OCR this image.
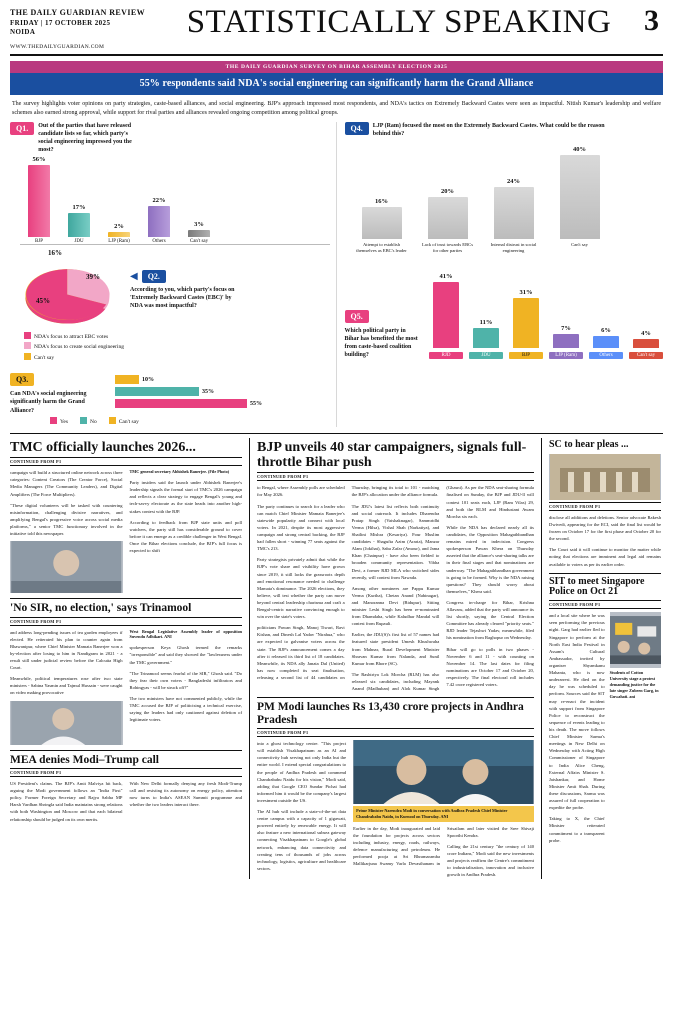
THE DAILY GUARDIAN REVIEW
FRIDAY | 17 OCTOBER 2025
NOIDA
WWW.THEDAILYGUARDIAN.COM
STATISTICALLY SPEAKING	3
THE DAILY GUARDIAN SURVEY ON BIHAR ASSEMBLY ELECTION 2025
55% respondents said NDA's social engineering can significantly harm the Grand Alliance
The survey highlights voter opinions on party strategies, caste-based alliances, and social engineering. BJP's approach impressed most respondents, and NDA's tactics on Extremely Backward Castes were seen as impactful. Nitish Kumar's leadership and welfare schemes also earned strong approval, while support for rival parties and alliances revealed ongoing competition among political groups.
Q1.	Out of the parties that have released candidate lists so far, which party's social engineering impressed you the most?
56%
BJP
17%
JDU
2%
LJP (Ram)
22%
Others
3%
Can't say
16%
39%
45%
◀	Q2.
According to you, which party's focus on 'Extremely Backward Castes (EBC)' by NDA was most impactful?
NDA's focus to attract EBC votes
NDA's focus to create social engineering
Can't say
Q3.
Can NDA's social engineering significantly harm the Grand Alliance?
10%
35%
55%
Yes	No	Can't say
Q4.	LJP (Ram) focused the most on the Extremely Backward Castes. What could be the reason behind this?
16%
20%
24%
40%
Attempt to establish themselves as EBC's leader
Lack of trust towards EBCs for other parties
Internal distrust in social engineering
Can't say
Q5.
Which political party in Bihar has benefited the most from caste-based coalition building?
41%
11%
31%
7%	6%	4%
RJD	JDU	BJP	LJP (Ram)	Others	Can't say
TMC officially launches 2026...
CONTINUED FROM P1

campaign will build a structured online network across three categories: Content Creators (The Creator Force), Social Media Managers (The Community Leaders), and Digital Amplifiers (The Force Multipliers).

"These digital volunteers will be tasked with countering misinformation, challenging divisive narratives, and amplifying Bengal's progressive voice across social media platforms," a senior TMC functionary involved in the initiative told this newspaper.

TMC general secretary Abhishek Banerjee. (File Photo)

Party insiders said the launch under Abhishek Banerjee's leadership signals the formal start of TMC's 2026 campaign and reflects a clear strategy to engage Bengal's young and tech-savvy electorate as the state heads into another high-stakes contest with the BJP.

According to feedback from BJP state units and poll watchers, the party still has considerable ground to cover before it can emerge as a credible challenger in West Bengal. Once the Bihar elections conclude, the BJP's full focus is expected to shift

'No SIR, no election,' says Trinamool
CONTINUED FROM P1

and address long-pending issues of tea garden employees if elected. He reiterated his plan to counter again from Bhawanipur, where Chief Minister Mamata Banerjee won a by-election after losing to him in Nandigram in 2021 - a result still under judicial review before the Calcutta High Court.

Meanwhile, political temperatures rose after two state ministers - Sabina Yasmin and Tajmul Hussain - were caught on video making provocative

West Bengal Legislative Assembly leader of opposition Suvendu Adhikari. ANI

spokesperson Keya Ghosh termed the remarks "irresponsible" and said they showed the "lawlessness under the TMC government."

"The Trinamool seems fearful of the SIR," Ghosh said. "Do they fear their own voters - Bangladeshi infiltrators and Rohingyas - will be struck off?"

The two ministers have not commented publicly, while the TMC accused the BJP of politicising a technical exercise, saying the leaders had only cautioned against deletion of legitimate voters.

MEA denies Modi–Trump call
CONTINUED FROM P1

US President's claims. The BJP's Amit Malviya hit back, arguing the Modi government follows an "India First" policy. Former Foreign Secretary and Rajya Sabha MP Harsh Vardhan Shringla said India maintains strong relations with both Washington and Moscow and that each bilateral relationship should be judged on its own merits.

With New Delhi formally denying any fresh Modi-Trump call and resisting its autonomy on energy policy, attention now turns to India's ASEAN Summit programme and whether the two leaders interact there.

BJP unveils 40 star campaigners, signals full-throttle Bihar push
CONTINUED FROM P1

to Bengal, where Assembly polls are scheduled for May 2026.

The party continues to search for a leader who can match Chief Minister Mamata Banerjee's statewide popularity and connect with local voters. In 2021, despite its most aggressive campaign and strong central backing, the BJP had fallen short - winning 77 seats against the TMC's 213.

Party strategists privately admit that while the BJP's vote share and visibility have grown since 2019, it still lacks the grassroots depth and emotional resonance needed to challenge Mamata's dominance. The 2026 elections, they believe, will test whether the party can move beyond central leadership charisma and craft a Bengal-centric narrative convincing enough to win over the state's voters.

politicians Pawan Singh, Manoj Tiwari, Ravi Kishan, and Dinesh Lal Yadav "Nirahua," who are expected to galvanise voters across the state. The BJP's announcement comes a day after it released its third list of 18 candidates. Meanwhile, its NDA ally Janata Dal (United) has now completed its seat finalisation, releasing a second list of 44 candidates on Thursday, bringing its total to 101 - matching the BJP's allocation under the alliance formula.

The JDU's latest list reflects both continuity and social outreach. It includes Dharendra Pratap Singh (Vaishaknagar), Sammridhi Verma (Hilsa), Vishal Shah (Narkatiya), and Shailini Mishra (Kesariya). Four Muslim candidates - Shagufta Azim (Araria), Manzar Alam (Jokihat), Saba Zafar (Amour), and Jama Khan (Chainpur) - have also been fielded to broaden community representation. Vibha Devi, a former RJD MLA who switched sides recently, will contest from Nawada.

Among other nominees are Pappu Kumar Verma (Kurtha), Chetan Anand (Nabinagar), and Manoranna Devi (Bidupur). Sitting minister Leshi Singh has been re-nominated from Dhamdaha, while Kaludhar Mandal will contest from Rupauli.

Earlier, the JDU(S)'s first list of 57 names had featured state president Umesh Khushwaha from Mahnar, Rural Development Minister Shravan Kumar from Nalanda, and Sunil Kumar from Bhore (SC).

The Rashtriya Lok Morcha (RLM) has also released six candidates, including Mayank Anand (Madhuban) and Alok Kumar Singh (Ghasni). As per the NDA seat-sharing formula finalised on Sunday, the BJP and JDU-ll will contest 101 seats each, LJP (Ram Vilas) 29, and both the RLM and Hindustani Awam Morcha six each.

While the NDA has declared nearly all its candidates, the Opposition Mahagathbandhan remains mired in indecision. Congress spokesperson Pawan Khera on Thursday asserted that the alliance's seat-sharing talks are in their final stages and that nominations are underway. "The Mahagathbandhan government is going to be formed. Why is the NDA raising questions? They should worry about themselves," Khera said.

Congress in-charge for Bihar, Krishna Allavaru, added that the party will announce its list shortly, saying the Central Election Committee has already cleared "priority seats." RJD leader Tejashwi Yadav, meanwhile, filed his nomination from Raghopur on Wednesday.

Bihar will go to polls in two phases - November 6 and 11 - with counting on November 14. The last dates for filing nominations are October 17 and October 20, respectively. The final electoral roll includes 7.42 crore registered voters.

PM Modi launches Rs 13,430 crore projects in Andhra Pradesh
CONTINUED FROM P1

into a ghost technology centre. "This project will establish Visakhapatnam as an AI and connectivity hub serving not only India but the entire world. I extend special congratulations to the people of Andhra Pradesh and commend Chandrababu Naidu for his vision," Modi said, adding that Google CEO Sundar Pichai had informed him it would be the company's largest investment outside the US.

The AI hub will include a state-of-the-art data centre campus with a capacity of 1 gigawatt, powered entirely by renewable energy. It will also feature a new international subsea gateway connecting Visakhapatnam to Google's global network, enhancing data connectivity and creating tens of thousands of jobs across technology, logistics, agriculture and healthcare sectors.

Prime Minister Narendra Modi in conversation with Andhra Pradesh Chief Minister Chandrababu Naidu, in Kurnool on Thursday. ANI

Earlier in the day, Modi inaugurated and laid the foundation for projects across sectors including industry, energy, roads, railways, defence manufacturing and petroleum. He performed pooja at Sri Bhramaramba Mallikarjuna Swamy Varla Devasthanam in Srisailam and later visited the Sree Shivaji Spoorthi Kendra.

Calling the 21st century "the century of 140 crore Indians," Modi said the new investments and projects reaffirm the Centre's commitment to industrialisation, innovation and inclusive growth in Andhra Pradesh.

SC to hear pleas ...
CONTINUED FROM P1

disclose all additions and deletions. Senior advocate Rakesh Dwivedi, appearing for the ECI, said the final list would be frozen on October 17 for the first phase and October 20 for the second.

The Court said it will continue to monitor the matter while noting that elections are imminent and legal aid remains available to voters as per its earlier order.

SIT to meet Singapore Police on Oct 21
CONTINUED FROM P1

and a local site where he was seen performing the previous night. Garg had earlier fled to Singapore to perform at the North East India Festival in Assam's Cultural Ambassador, invited by organiser Shyamkanu Mahanta, who is now underarrest. He died on the day he was scheduled to perform. Sources said the SIT may re-enact the incident with support from Singapore Police to reconstruct the sequence of events leading to his death. The move follows Chief Minister Sarma's meetings in New Delhi on Wednesday with Acting High Commissioner of Singapore to India Alice Cheng, External Affairs Minister S. Jaishankar, and Home Minister Amit Shah. During these discussions, Sarma was assured of full cooperation to expedite the probe.

Taking to X, the Chief Minister reiterated commitment to a transparent probe.

Students of Cotton University stage a protest demanding justice for the late singer Zubeen Garg, in Guwahati. ani
